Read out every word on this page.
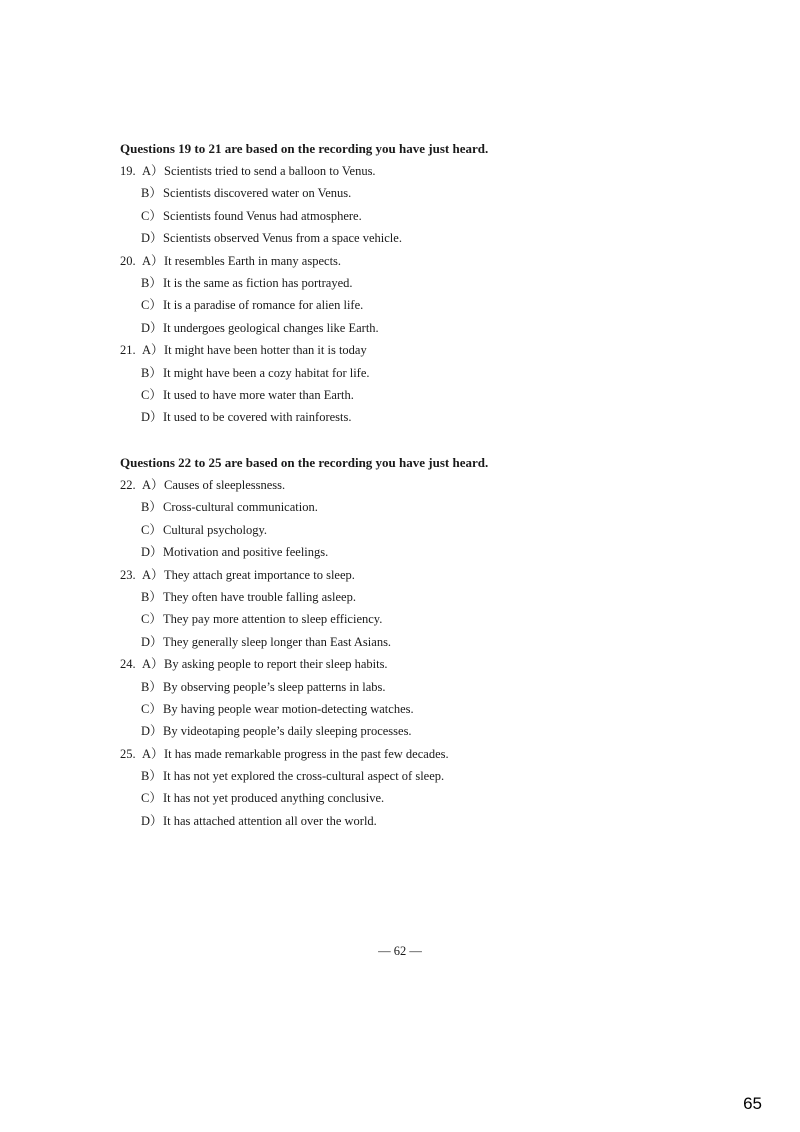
Questions 19 to 21 are based on the recording you have just heard.
19. A）Scientists tried to send a balloon to Venus.
B）Scientists discovered water on Venus.
C）Scientists found Venus had atmosphere.
D）Scientists observed Venus from a space vehicle.
20. A）It resembles Earth in many aspects.
B）It is the same as fiction has portrayed.
C）It is a paradise of romance for alien life.
D）It undergoes geological changes like Earth.
21. A）It might have been hotter than it is today
B）It might have been a cozy habitat for life.
C）It used to have more water than Earth.
D）It used to be covered with rainforests.
Questions 22 to 25 are based on the recording you have just heard.
22. A）Causes of sleeplessness.
B）Cross-cultural communication.
C）Cultural psychology.
D）Motivation and positive feelings.
23. A）They attach great importance to sleep.
B）They often have trouble falling asleep.
C）They pay more attention to sleep efficiency.
D）They generally sleep longer than East Asians.
24. A）By asking people to report their sleep habits.
B）By observing people’s sleep patterns in labs.
C）By having people wear motion-detecting watches.
D）By videotaping people’s daily sleeping processes.
25. A）It has made remarkable progress in the past few decades.
B）It has not yet explored the cross-cultural aspect of sleep.
C）It has not yet produced anything conclusive.
D）It has attached attention all over the world.
— 62 —
65
